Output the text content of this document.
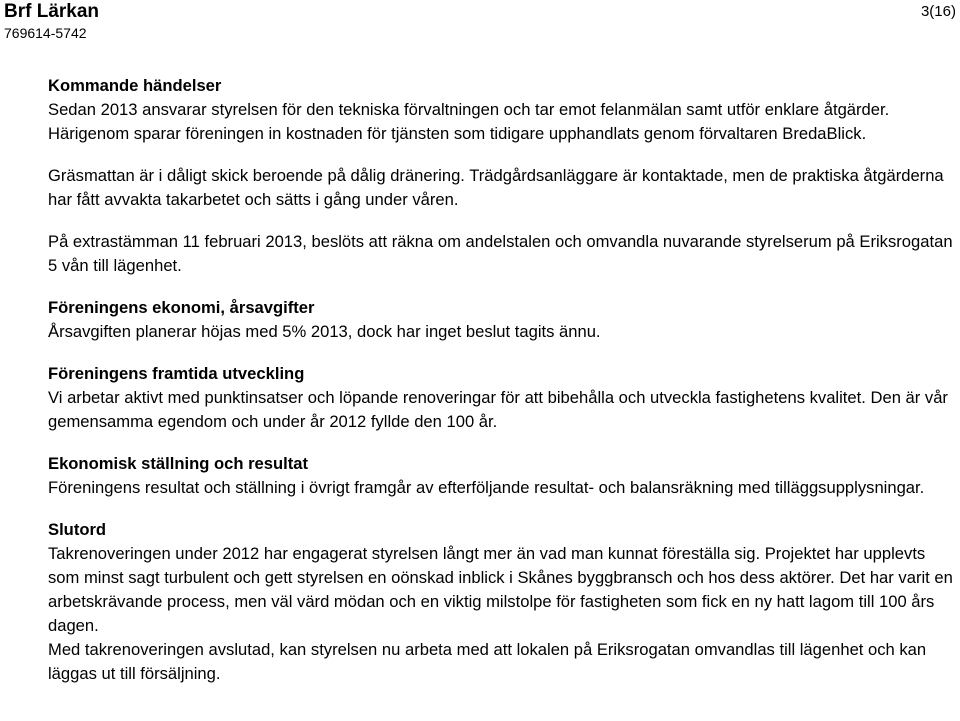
Brf Lärkan
769614-5742
3(16)
Kommande händelser

Sedan 2013 ansvarar styrelsen för den tekniska förvaltningen och tar emot felanmälan samt utför enklare åtgärder. Härigenom sparar föreningen in kostnaden för tjänsten som tidigare upphandlats genom förvaltaren BredaBlick.

Gräsmattan är i dåligt skick beroende på dålig dränering. Trädgårdsanläggare är kontaktade, men de praktiska åtgärderna har fått avvakta takarbetet och sätts i gång under våren.

På extrastämman 11 februari 2013, beslöts att räkna om andelstalen och omvandla nuvarande styrelserum på Eriksrogatan 5 vån till lägenhet.

Föreningens ekonomi, årsavgifter

Årsavgiften planerar höjas med 5% 2013, dock har inget beslut tagits ännu.

Föreningens framtida utveckling

Vi arbetar aktivt med punktinsatser och löpande renoveringar för att bibehålla och utveckla fastighetens kvalitet. Den är vår gemensamma egendom och under år 2012 fyllde den 100 år.

Ekonomisk ställning och resultat

Föreningens resultat och ställning i övrigt framgår av efterföljande resultat- och balansräkning med tilläggsupplysningar.

Slutord

Takrenoveringen under 2012 har engagerat styrelsen långt mer än vad man kunnat föreställa sig. Projektet har upplevts som minst sagt turbulent och gett styrelsen en oönskad inblick i Skånes byggbransch och hos dess aktörer. Det har varit en arbetskrävande process, men väl värd mödan och en viktig milstolpe för fastigheten som fick en ny hatt lagom till 100 års dagen.

Med takrenoveringen avslutad, kan styrelsen nu arbeta med att lokalen på Eriksrogatan omvandlas till lägenhet och kan läggas ut till försäljning.
